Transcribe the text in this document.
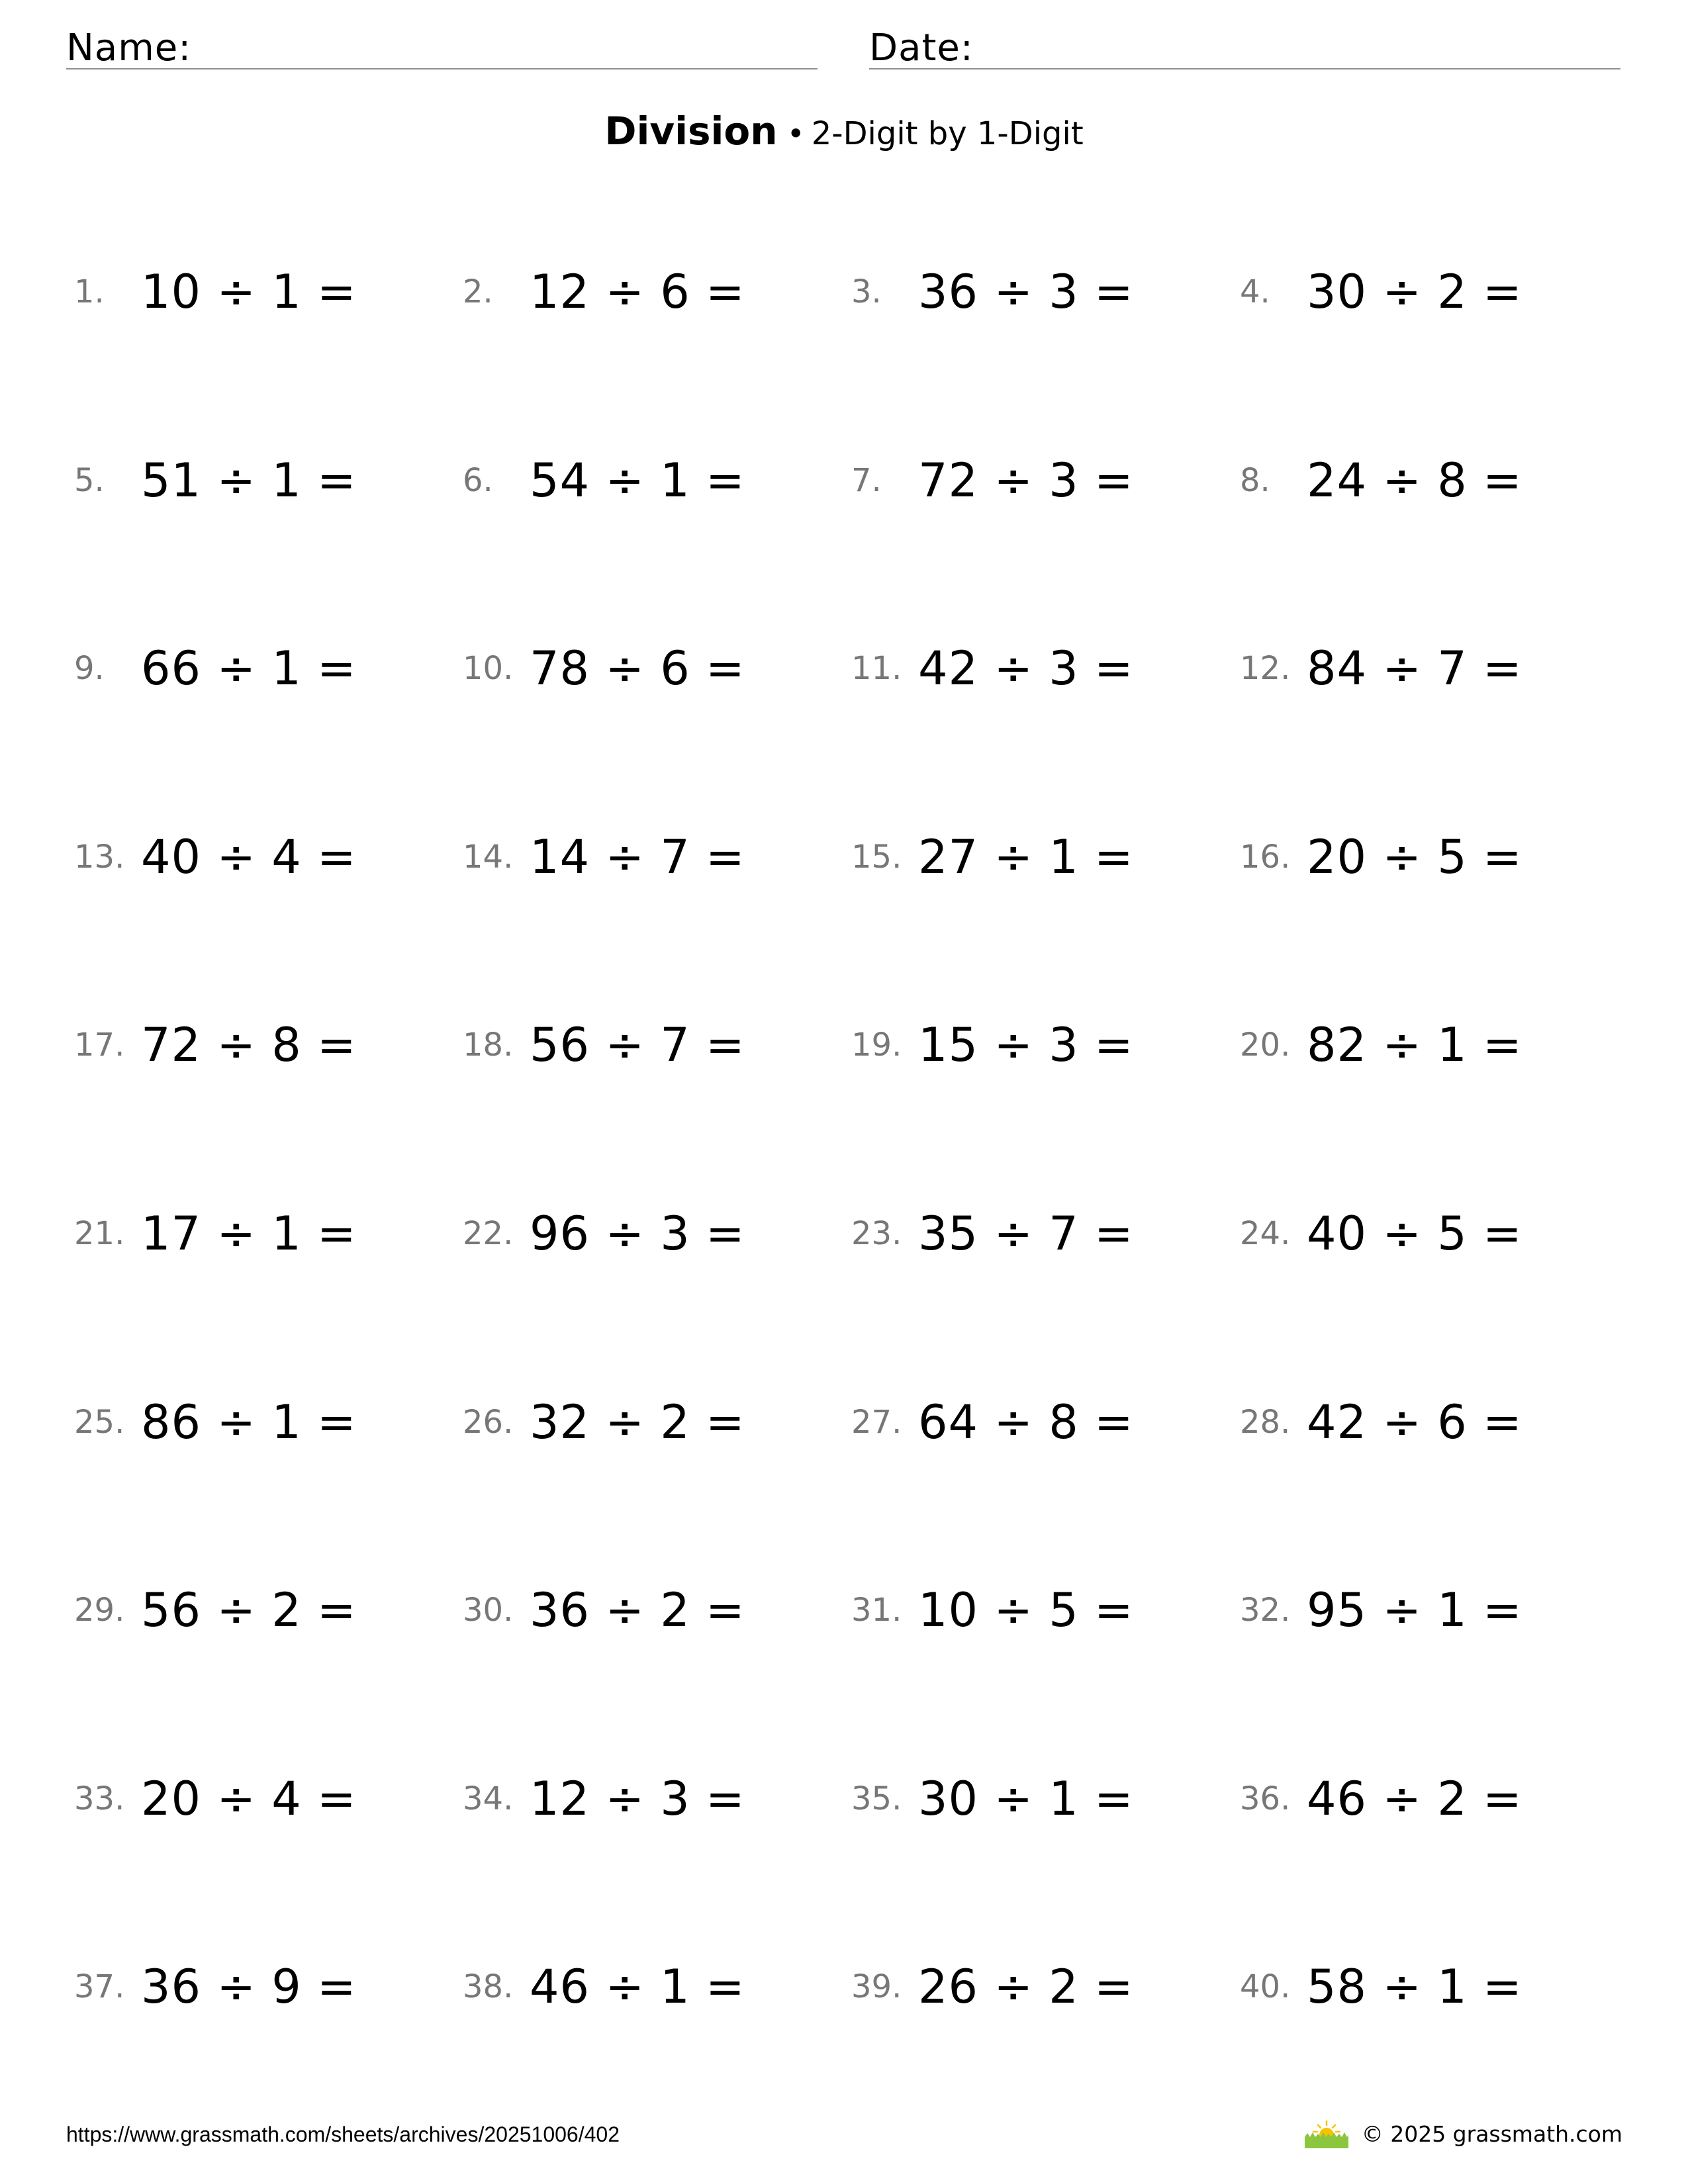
Name:	Date:
Division • 2-Digit by 1-Digit
1. 10 ÷ 1 =	2. 12 ÷ 6 =	3. 36 ÷ 3 =	4. 30 ÷ 2 =
5. 51 ÷ 1 =	6. 54 ÷ 1 =	7. 72 ÷ 3 =	8. 24 ÷ 8 =
9. 66 ÷ 1 =	10. 78 ÷ 6 =	11. 42 ÷ 3 =	12. 84 ÷ 7 =
13. 40 ÷ 4 =	14. 14 ÷ 7 =	15. 27 ÷ 1 =	16. 20 ÷ 5 =
17. 72 ÷ 8 =	18. 56 ÷ 7 =	19. 15 ÷ 3 =	20. 82 ÷ 1 =
21. 17 ÷ 1 =	22. 96 ÷ 3 =	23. 35 ÷ 7 =	24. 40 ÷ 5 =
25. 86 ÷ 1 =	26. 32 ÷ 2 =	27. 64 ÷ 8 =	28. 42 ÷ 6 =
29. 56 ÷ 2 =	30. 36 ÷ 2 =	31. 10 ÷ 5 =	32. 95 ÷ 1 =
33. 20 ÷ 4 =	34. 12 ÷ 3 =	35. 30 ÷ 1 =	36. 46 ÷ 2 =
37. 36 ÷ 9 =	38. 46 ÷ 1 =	39. 26 ÷ 2 =	40. 58 ÷ 1 =
https://www.grassmath.com/sheets/archives/20251006/402	© 2025 grassmath.com
